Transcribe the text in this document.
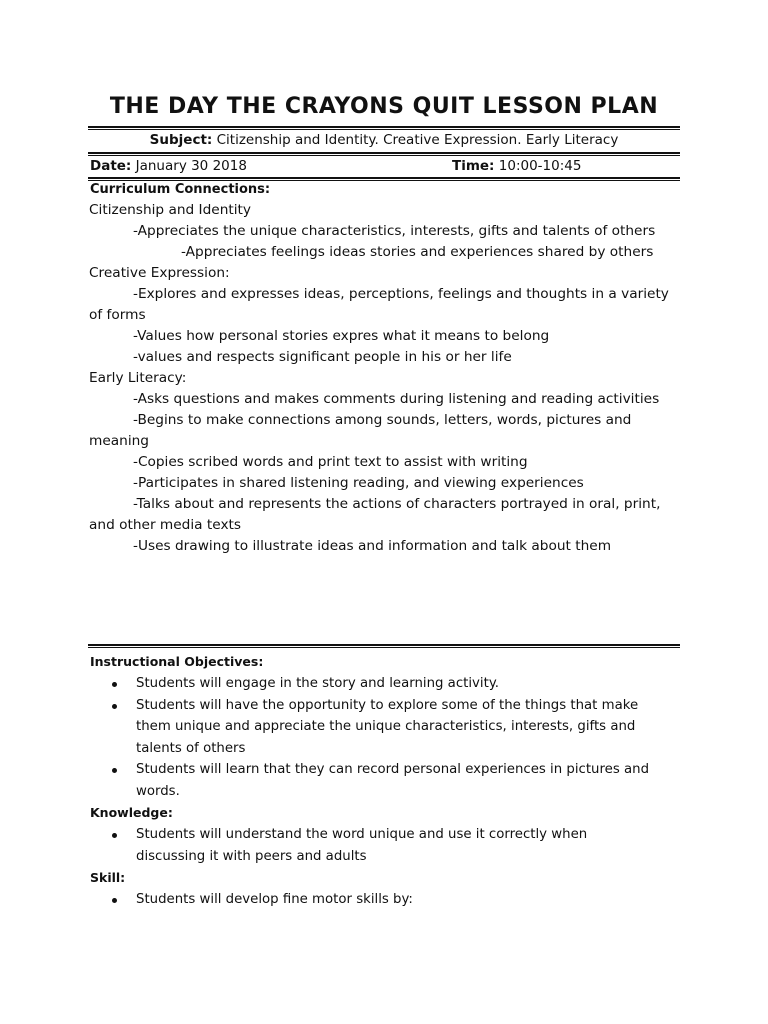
THE DAY THE CRAYONS QUIT LESSON PLAN
Subject: Citizenship and Identity. Creative Expression. Early Literacy
Date: January 30 2018	Time: 10:00-10:45
Curriculum Connections:

Citizenship and Identity

-Appreciates the unique characteristics, interests, gifts and talents of others

-Appreciates feelings ideas stories and experiences shared by others

Creative Expression:

-Explores and expresses ideas, perceptions, feelings and thoughts in a variety of forms

-Values how personal stories expres what it means to belong

-values and respects significant people in his or her life

Early Literacy:

-Asks questions and makes comments during listening and reading activities

-Begins to make connections among sounds, letters, words, pictures and meaning

-Copies scribed words and print text to assist with writing

-Participates in shared listening reading, and viewing experiences

-Talks about and represents the actions of characters portrayed in oral, print, and other media texts

-Uses drawing to illustrate ideas and information and talk about them

Instructional Objectives:
Students will engage in the story and learning activity.
Students will have the opportunity to explore some of the things that make them unique and appreciate the unique characteristics, interests, gifts and talents of others
Students will learn that they can record personal experiences in pictures and words.
Knowledge:
Students will understand the word unique and use it correctly when discussing it with peers and adults
Skill:
Students will develop fine motor skills by:
